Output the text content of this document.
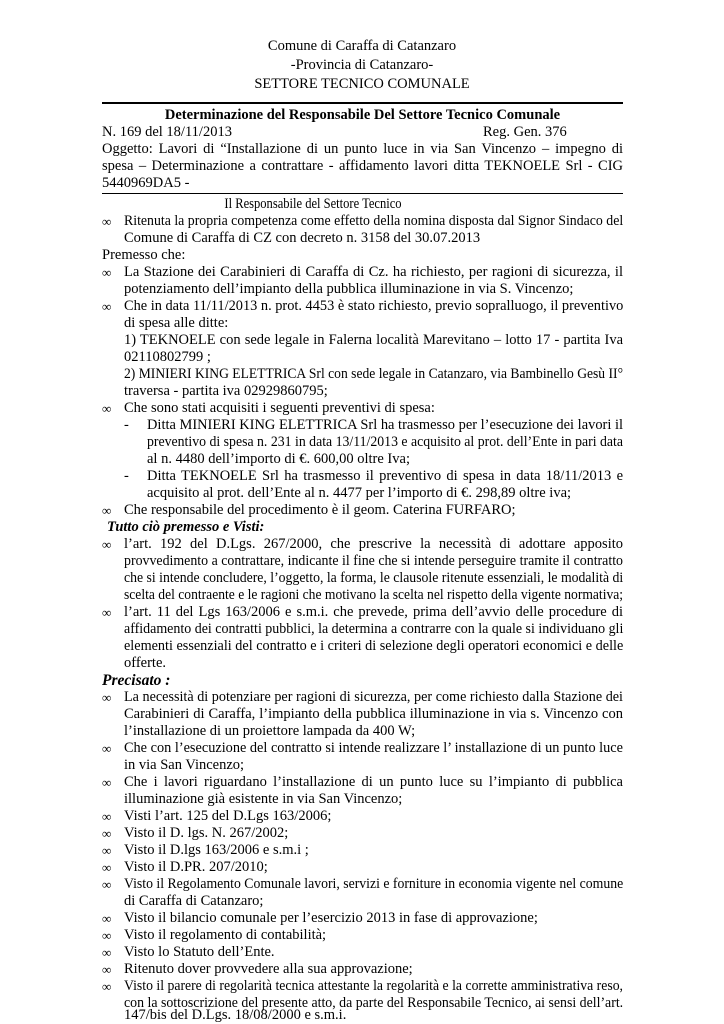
Comune di Caraffa di Catanzaro
-Provincia di Catanzaro-
SETTORE TECNICO COMUNALE
Determinazione del Responsabile Del Settore Tecnico Comunale
N. 169 del 18/11/2013	Reg. Gen. 376
Oggetto: Lavori di “Installazione di un punto luce in via San Vincenzo – impegno di
spesa – Determinazione a contrattare - affidamento lavori ditta TEKNOELE Srl - CIG
5440969DA5 -
Il Responsabile del Settore Tecnico
∞ Ritenuta la propria competenza come effetto della nomina disposta dal Signor Sindaco del
Comune di Caraffa di CZ con decreto n. 3158 del 30.07.2013
Premesso che:
∞ La Stazione dei Carabinieri di Caraffa di Cz. ha richiesto, per ragioni di sicurezza, il
potenziamento dell’impianto della pubblica illuminazione in via S. Vincenzo;
∞ Che in data 11/11/2013 n. prot. 4453 è stato richiesto, previo sopralluogo, il preventivo
di spesa alle ditte:
1) TEKNOELE con sede legale in Falerna località Marevitano – lotto 17 - partita Iva
02110802799 ;
2) MINIERI KING ELETTRICA Srl con sede legale in Catanzaro, via Bambinello Gesù II°
traversa - partita iva 02929860795;
∞ Che sono stati acquisiti i seguenti preventivi di spesa:
- Ditta MINIERI KING ELETTRICA Srl ha trasmesso per l’esecuzione dei lavori il
preventivo di spesa n. 231 in data 13/11/2013 e acquisito al prot. dell’Ente in pari data
al n. 4480 dell’importo di €. 600,00 oltre Iva;
- Ditta TEKNOELE Srl ha trasmesso il preventivo di spesa in data 18/11/2013 e
acquisito al prot. dell’Ente al n. 4477 per l’importo di €. 298,89 oltre iva;
∞ Che responsabile del procedimento è il geom. Caterina FURFARO;
Tutto ciò premesso e Visti:
∞ l’art. 192 del D.Lgs. 267/2000, che prescrive la necessità di adottare apposito
provvedimento a contrattare, indicante il fine che si intende perseguire tramite il contratto
che si intende concludere, l’oggetto, la forma, le clausole ritenute essenziali, le modalità di
scelta del contraente e le ragioni che motivano la scelta nel rispetto della vigente normativa;
∞ l’art. 11 del Lgs 163/2006 e s.m.i. che prevede, prima dell’avvio delle procedure di
affidamento dei contratti pubblici, la determina a contrarre con la quale si individuano gli
elementi essenziali del contratto e i criteri di selezione degli operatori economici e delle
offerte.
Precisato :
∞ La necessità di potenziare per ragioni di sicurezza, per come richiesto dalla Stazione dei
Carabinieri di Caraffa, l’impianto della pubblica illuminazione in via s. Vincenzo con
l’installazione di un proiettore lampada da 400 W;
∞ Che con l’esecuzione del contratto si intende realizzare l’ installazione di un punto luce
in via San Vincenzo;
∞ Che i lavori riguardano l’installazione di un punto luce su l’impianto di pubblica
illuminazione già esistente in via San Vincenzo;
∞ Visti l’art. 125 del D.Lgs 163/2006;
∞ Visto il D. lgs. N. 267/2002;
∞ Visto il D.lgs 163/2006 e s.m.i ;
∞ Visto il D.PR. 207/2010;
∞ Visto il Regolamento Comunale lavori, servizi e forniture in economia vigente nel comune
di Caraffa di Catanzaro;
∞ Visto il bilancio comunale per l’esercizio 2013 in fase di approvazione;
∞ Visto il regolamento di contabilità;
∞ Visto lo Statuto dell’Ente.
∞ Ritenuto dover provvedere alla sua approvazione;
∞ Visto il parere di regolarità tecnica attestante la regolarità e la corrette amministrativa reso,
con la sottoscrizione del presente atto, da parte del Responsabile Tecnico, ai sensi dell’art.
147/bis del D.Lgs. 18/08/2000 e s.m.i.
